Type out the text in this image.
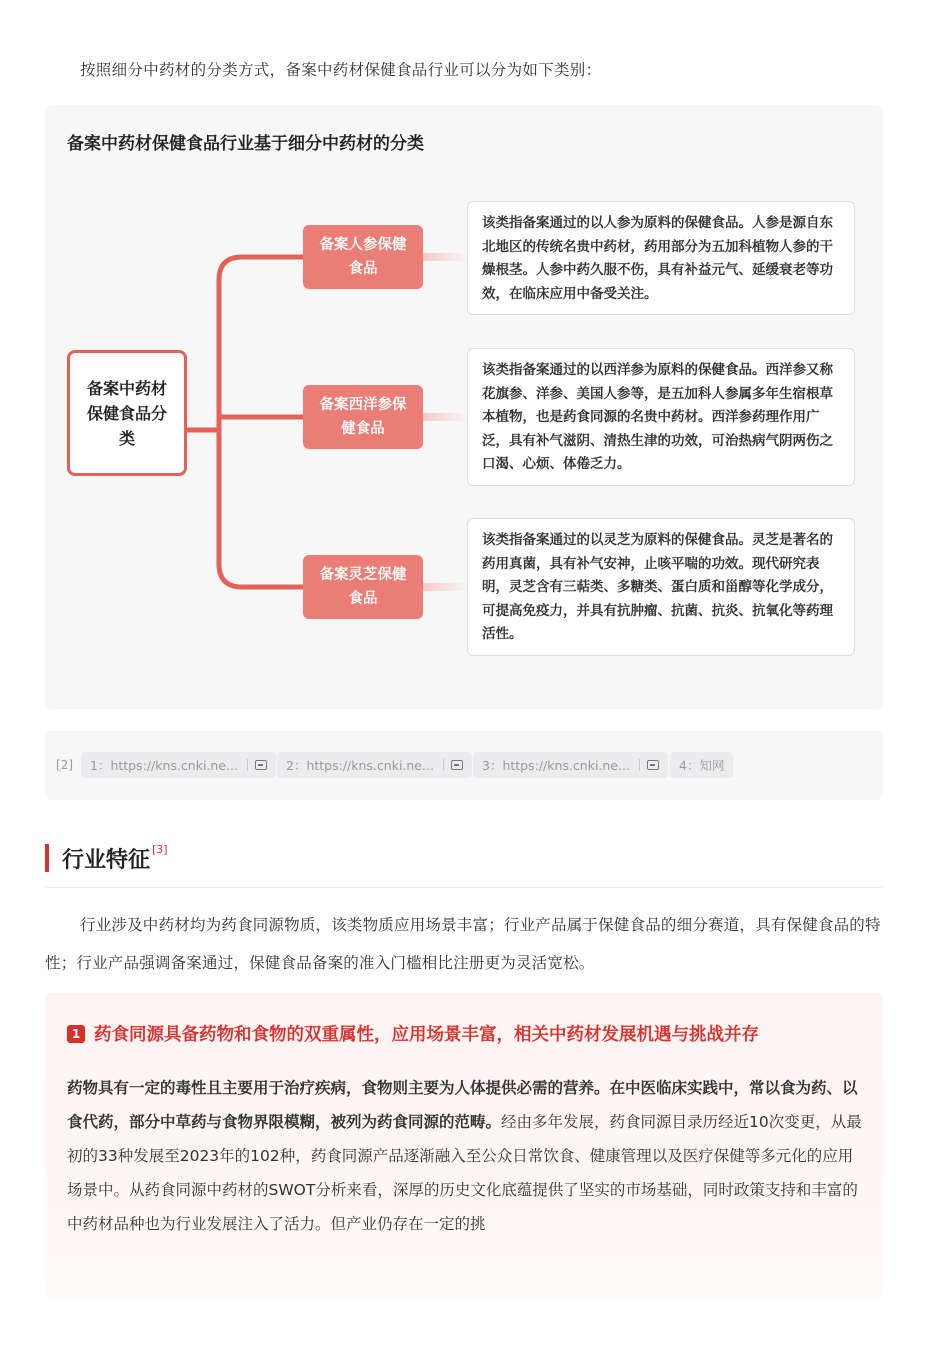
按照细分中药材的分类方式，备案中药材保健食品行业可以分为如下类别：
备案中药材保健食品行业基于细分中药材的分类
备案中药材保健食品分类
备案人参保健食品
备案西洋参保健食品
备案灵芝保健食品
该类指备案通过的以人参为原料的保健食品。人参是源自东北地区的传统名贵中药材，药用部分为五加科植物人参的干燥根茎。人参中药久服不伤，具有补益元气、延缓衰老等功效，在临床应用中备受关注。
该类指备案通过的以西洋参为原料的保健食品。西洋参又称花旗参、洋参、美国人参等，是五加科人参属多年生宿根草本植物，也是药食同源的名贵中药材。西洋参药理作用广泛，具有补气滋阴、清热生津的功效，可治热病气阴两伤之口渴、心烦、体倦乏力。
该类指备案通过的以灵芝为原料的保健食品。灵芝是著名的药用真菌，具有补气安神，止咳平喘的功效。现代研究表明，灵芝含有三萜类、多糖类、蛋白质和甾醇等化学成分，可提高免疫力，并具有抗肿瘤、抗菌、抗炎、抗氧化等药理活性。
[2] 1：https://kns.cnki.ne...	2：https://kns.cnki.ne...	3：https://kns.cnki.ne...	4：知网
行业特征 [3]
行业涉及中药材均为药食同源物质，该类物质应用场景丰富；行业产品属于保健食品的细分赛道，具有保健食品的特性；行业产品强调备案通过，保健食品备案的准入门槛相比注册更为灵活宽松。
1 药食同源具备药物和食物的双重属性，应用场景丰富，相关中药材发展机遇与挑战并存
药物具有一定的毒性且主要用于治疗疾病，食物则主要为人体提供必需的营养。在中医临床实践中，常以食为药、以食代药，部分中草药与食物界限模糊，被列为药食同源的范畴。经由多年发展，药食同源目录历经近10次变更，从最初的33种发展至2023年的102种，药食同源产品逐渐融入至公众日常饮食、健康管理以及医疗保健等多元化的应用场景中。从药食同源中药材的SWOT分析来看，深厚的历史文化底蕴提供了坚实的市场基础，同时政策支持和丰富的中药材品种也为行业发展注入了活力。但产业仍存在一定的挑
